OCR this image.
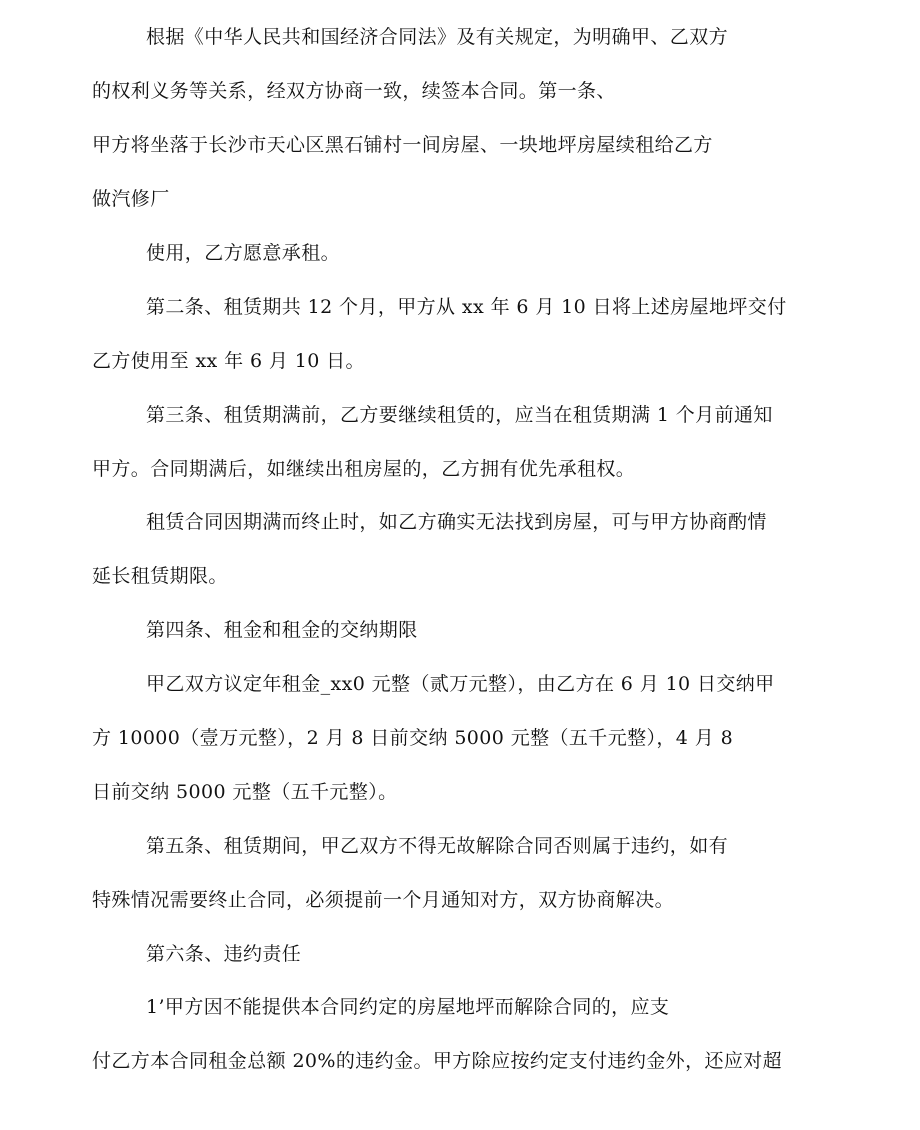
根据《中华人民共和国经济合同法》及有关规定，为明确甲、乙双方

的权利义务等关系，经双方协商一致，续签本合同。第一条、

甲方将坐落于长沙市天心区黑石铺村一间房屋、一块地坪房屋续租给乙方

做汽修厂

使用，乙方愿意承租。

第二条、租赁期共 12 个月，甲方从 xx 年 6 月 10 日将上述房屋地坪交付

乙方使用至 xx 年 6 月 10 日。

第三条、租赁期满前，乙方要继续租赁的，应当在租赁期满 1 个月前通知

甲方。合同期满后，如继续出租房屋的，乙方拥有优先承租权。

租赁合同因期满而终止时，如乙方确实无法找到房屋，可与甲方协商酌情

延长租赁期限。

第四条、租金和租金的交纳期限

甲乙双方议定年租金_xx0 元整（贰万元整），由乙方在 6 月 10 日交纳甲

方 10000（壹万元整），2 月 8 日前交纳 5000 元整（五千元整），4 月 8

日前交纳 5000 元整（五千元整）。

第五条、租赁期间，甲乙双方不得无故解除合同否则属于违约，如有

特殊情况需要终止合同，必须提前一个月通知对方，双方协商解决。

第六条、违约责任

1’甲方因不能提供本合同约定的房屋地坪而解除合同的，应支

付乙方本合同租金总额 20%的违约金。甲方除应按约定支付违约金外，还应对超
